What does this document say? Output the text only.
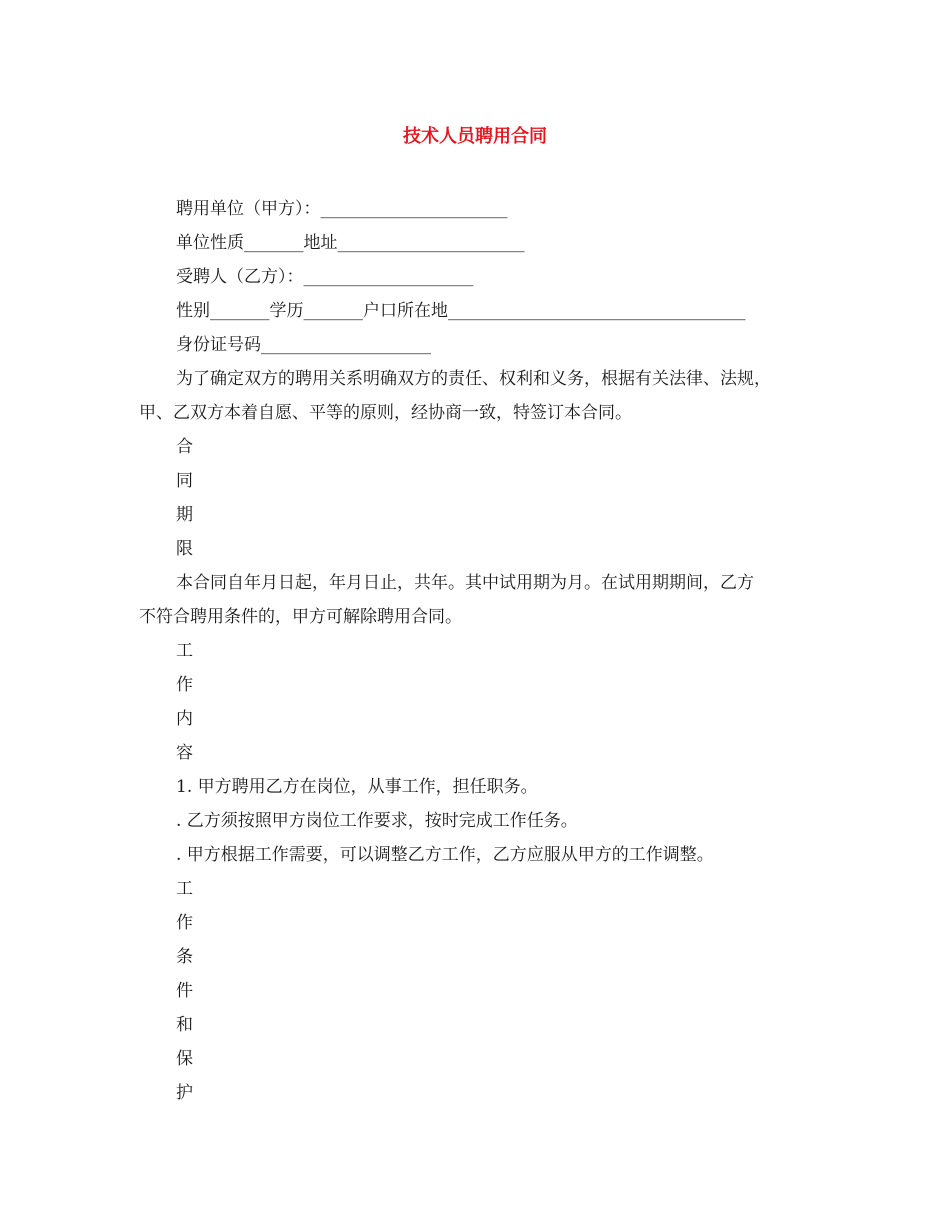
技术人员聘用合同
聘用单位（甲方）：______________________
单位性质_______地址______________________
受聘人（乙方）：____________________
性别_______学历_______户口所在地___________________________________
身份证号码____________________
为了确定双方的聘用关系明确双方的责任、权利和义务，根据有关法律、法规，
甲、乙双方本着自愿、平等的原则，经协商一致，特签订本合同。
合
同
期
限
本合同自年月日起，年月日止，共年。其中试用期为月。在试用期期间，乙方
不符合聘用条件的，甲方可解除聘用合同。
工
作
内
容
1. 甲方聘用乙方在岗位，从事工作，担任职务。
. 乙方须按照甲方岗位工作要求，按时完成工作任务。
. 甲方根据工作需要，可以调整乙方工作，乙方应服从甲方的工作调整。
工
作
条
件
和
保
护
